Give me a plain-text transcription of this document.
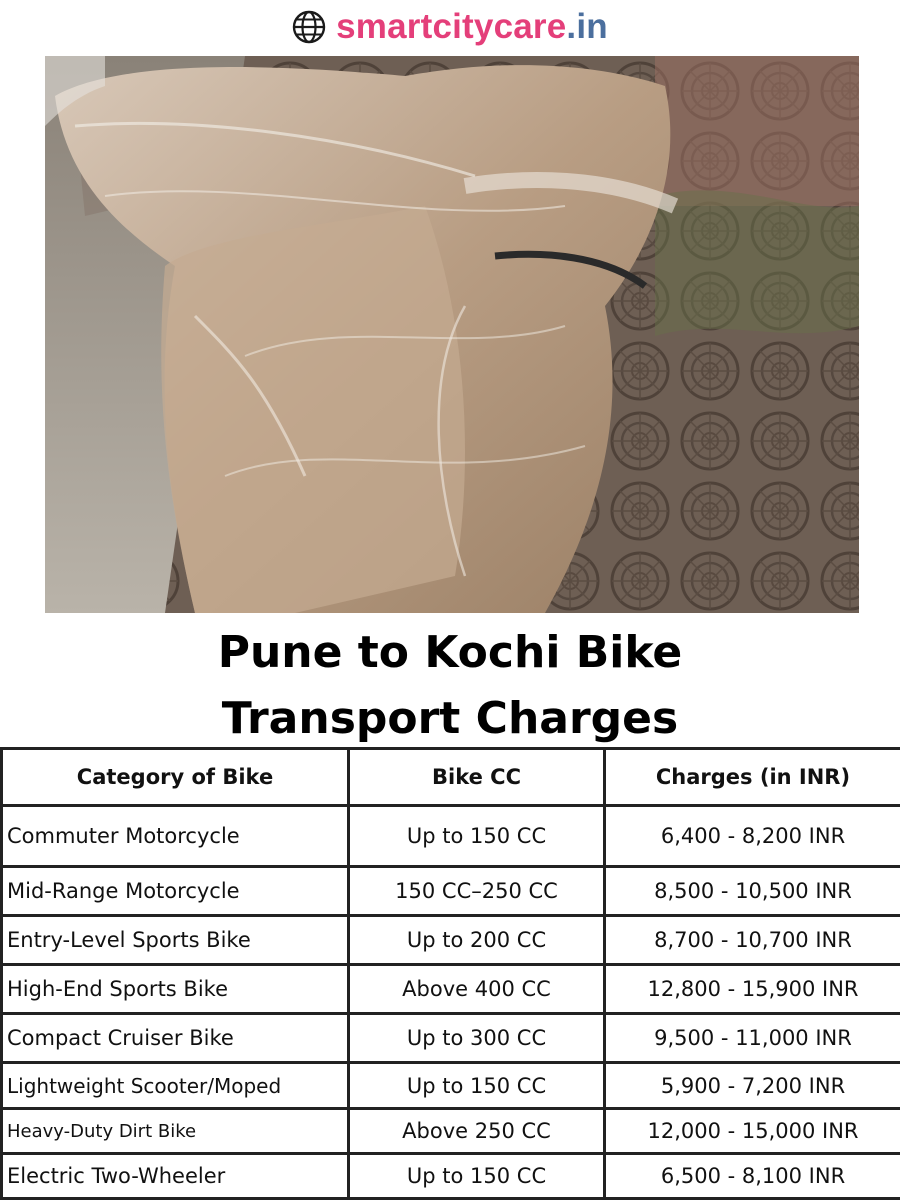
smartcitycare.in
Pune to Kochi Bike
Transport Charges
Category of Bike	Bike CC	Charges (in INR)
Commuter Motorcycle	Up to 150 CC	6,400 - 8,200 INR
Mid-Range Motorcycle	150 CC–250 CC	8,500 - 10,500 INR
Entry-Level Sports Bike	Up to 200 CC	8,700 - 10,700 INR
High-End Sports Bike	Above 400 CC	12,800 - 15,900 INR
Compact Cruiser Bike	Up to 300 CC	9,500 - 11,000 INR
Lightweight Scooter/Moped	Up to 150 CC	5,900 - 7,200 INR
Heavy-Duty Dirt Bike	Above 250 CC	12,000 - 15,000 INR
Electric Two-Wheeler	Up to 150 CC	6,500 - 8,100 INR
